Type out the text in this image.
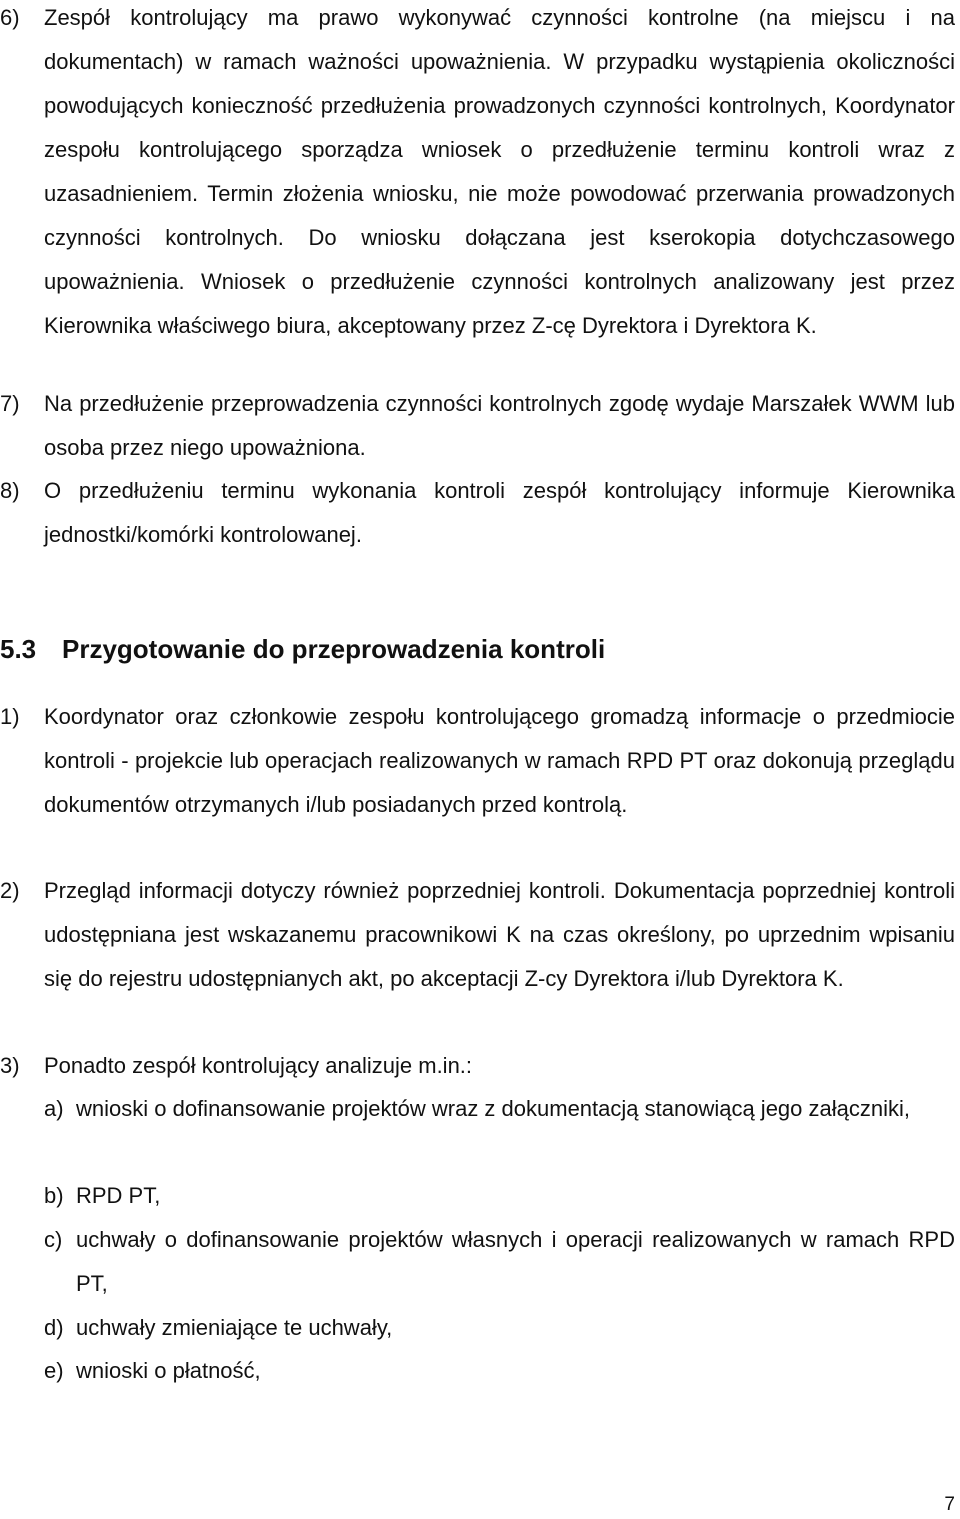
6) Zespół kontrolujący ma prawo wykonywać czynności kontrolne (na miejscu i na dokumentach) w ramach ważności upoważnienia. W przypadku wystąpienia okoliczności powodujących konieczność przedłużenia prowadzonych czynności kontrolnych, Koordynator zespołu kontrolującego sporządza wniosek o przedłużenie terminu kontroli wraz z uzasadnieniem. Termin złożenia wniosku, nie może powodować przerwania prowadzonych czynności kontrolnych. Do wniosku dołączana jest kserokopia dotychczasowego upoważnienia. Wniosek o przedłużenie czynności kontrolnych analizowany jest przez Kierownika właściwego biura, akceptowany przez Z-cę Dyrektora i Dyrektora K.
7) Na przedłużenie przeprowadzenia czynności kontrolnych zgodę wydaje Marszałek WWM lub osoba przez niego upoważniona.
8) O przedłużeniu terminu wykonania kontroli zespół kontrolujący informuje Kierownika jednostki/komórki kontrolowanej.
5.3 Przygotowanie do przeprowadzenia kontroli
1) Koordynator oraz członkowie zespołu kontrolującego gromadzą informacje o przedmiocie kontroli - projekcie lub operacjach realizowanych w ramach RPD PT oraz dokonują przeglądu dokumentów otrzymanych i/lub posiadanych przed kontrolą.
2) Przegląd informacji dotyczy również poprzedniej kontroli. Dokumentacja poprzedniej kontroli udostępniana jest wskazanemu pracownikowi K na czas określony, po uprzednim wpisaniu się do rejestru udostępnianych akt, po akceptacji Z-cy Dyrektora i/lub Dyrektora K.
3) Ponadto zespół kontrolujący analizuje m.in.:
a) wnioski o dofinansowanie projektów wraz z dokumentacją stanowiącą jego załączniki,
b) RPD PT,
c) uchwały o dofinansowanie projektów własnych i operacji realizowanych w ramach RPD PT,
d) uchwały zmieniające te uchwały,
e) wnioski o płatność,
7
